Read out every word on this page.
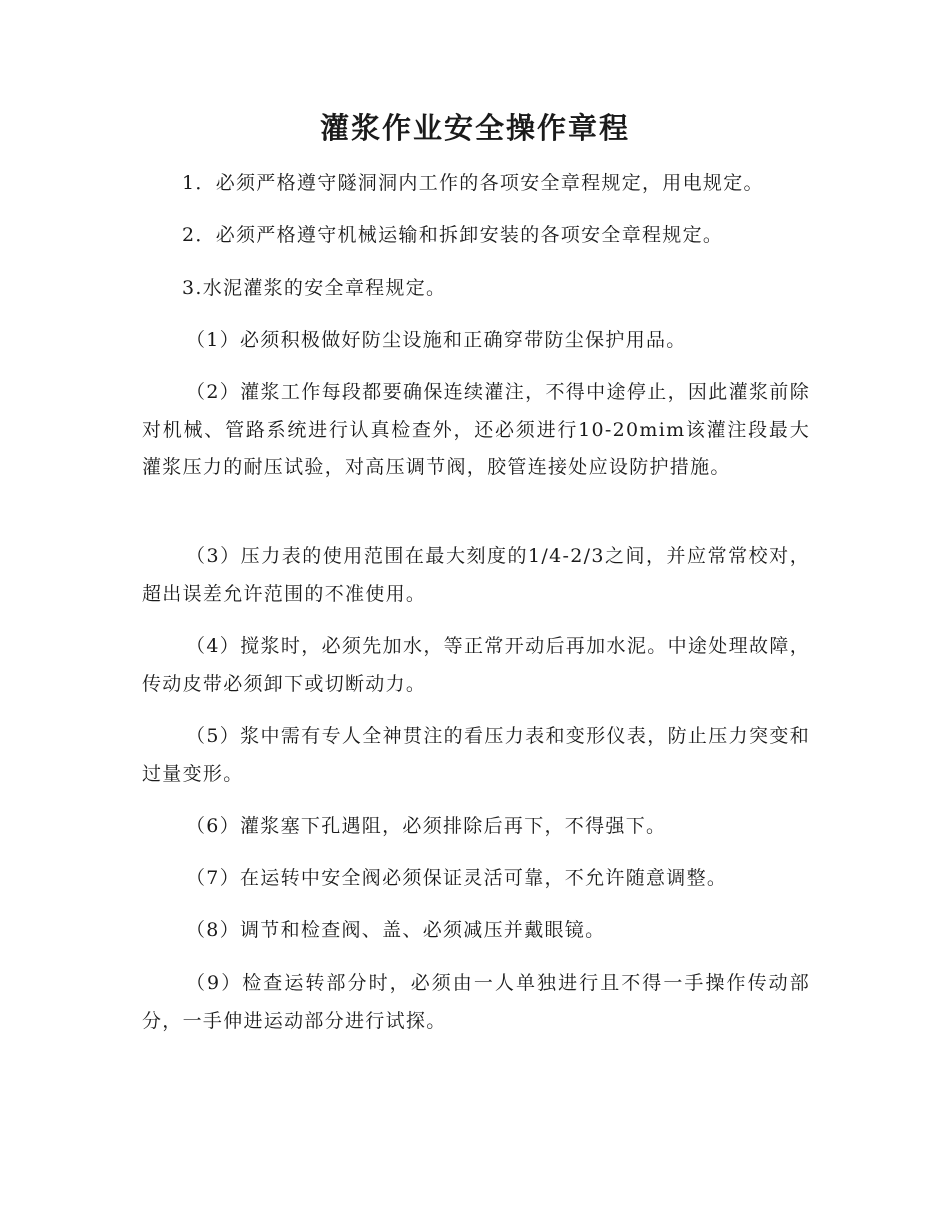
灌浆作业安全操作章程

1．必须严格遵守隧洞洞内工作的各项安全章程规定，用电规定。

2．必须严格遵守机械运输和拆卸安装的各项安全章程规定。

3.水泥灌浆的安全章程规定。

（1）必须积极做好防尘设施和正确穿带防尘保护用品。

（2）灌浆工作每段都要确保连续灌注，不得中途停止，因此灌浆前除对机械、管路系统进行认真检查外，还必须进行10-20mim该灌注段最大灌浆压力的耐压试验，对高压调节阀，胶管连接处应设防护措施。

（3）压力表的使用范围在最大刻度的1/4-2/3之间，并应常常校对，超出误差允许范围的不准使用。

（4）搅浆时，必须先加水，等正常开动后再加水泥。中途处理故障，传动皮带必须卸下或切断动力。

（5）浆中需有专人全神贯注的看压力表和变形仪表，防止压力突变和过量变形。

（6）灌浆塞下孔遇阻，必须排除后再下，不得强下。

（7）在运转中安全阀必须保证灵活可靠，不允许随意调整。

（8）调节和检查阀、盖、必须减压并戴眼镜。

（9）检查运转部分时，必须由一人单独进行且不得一手操作传动部分，一手伸进运动部分进行试探。
